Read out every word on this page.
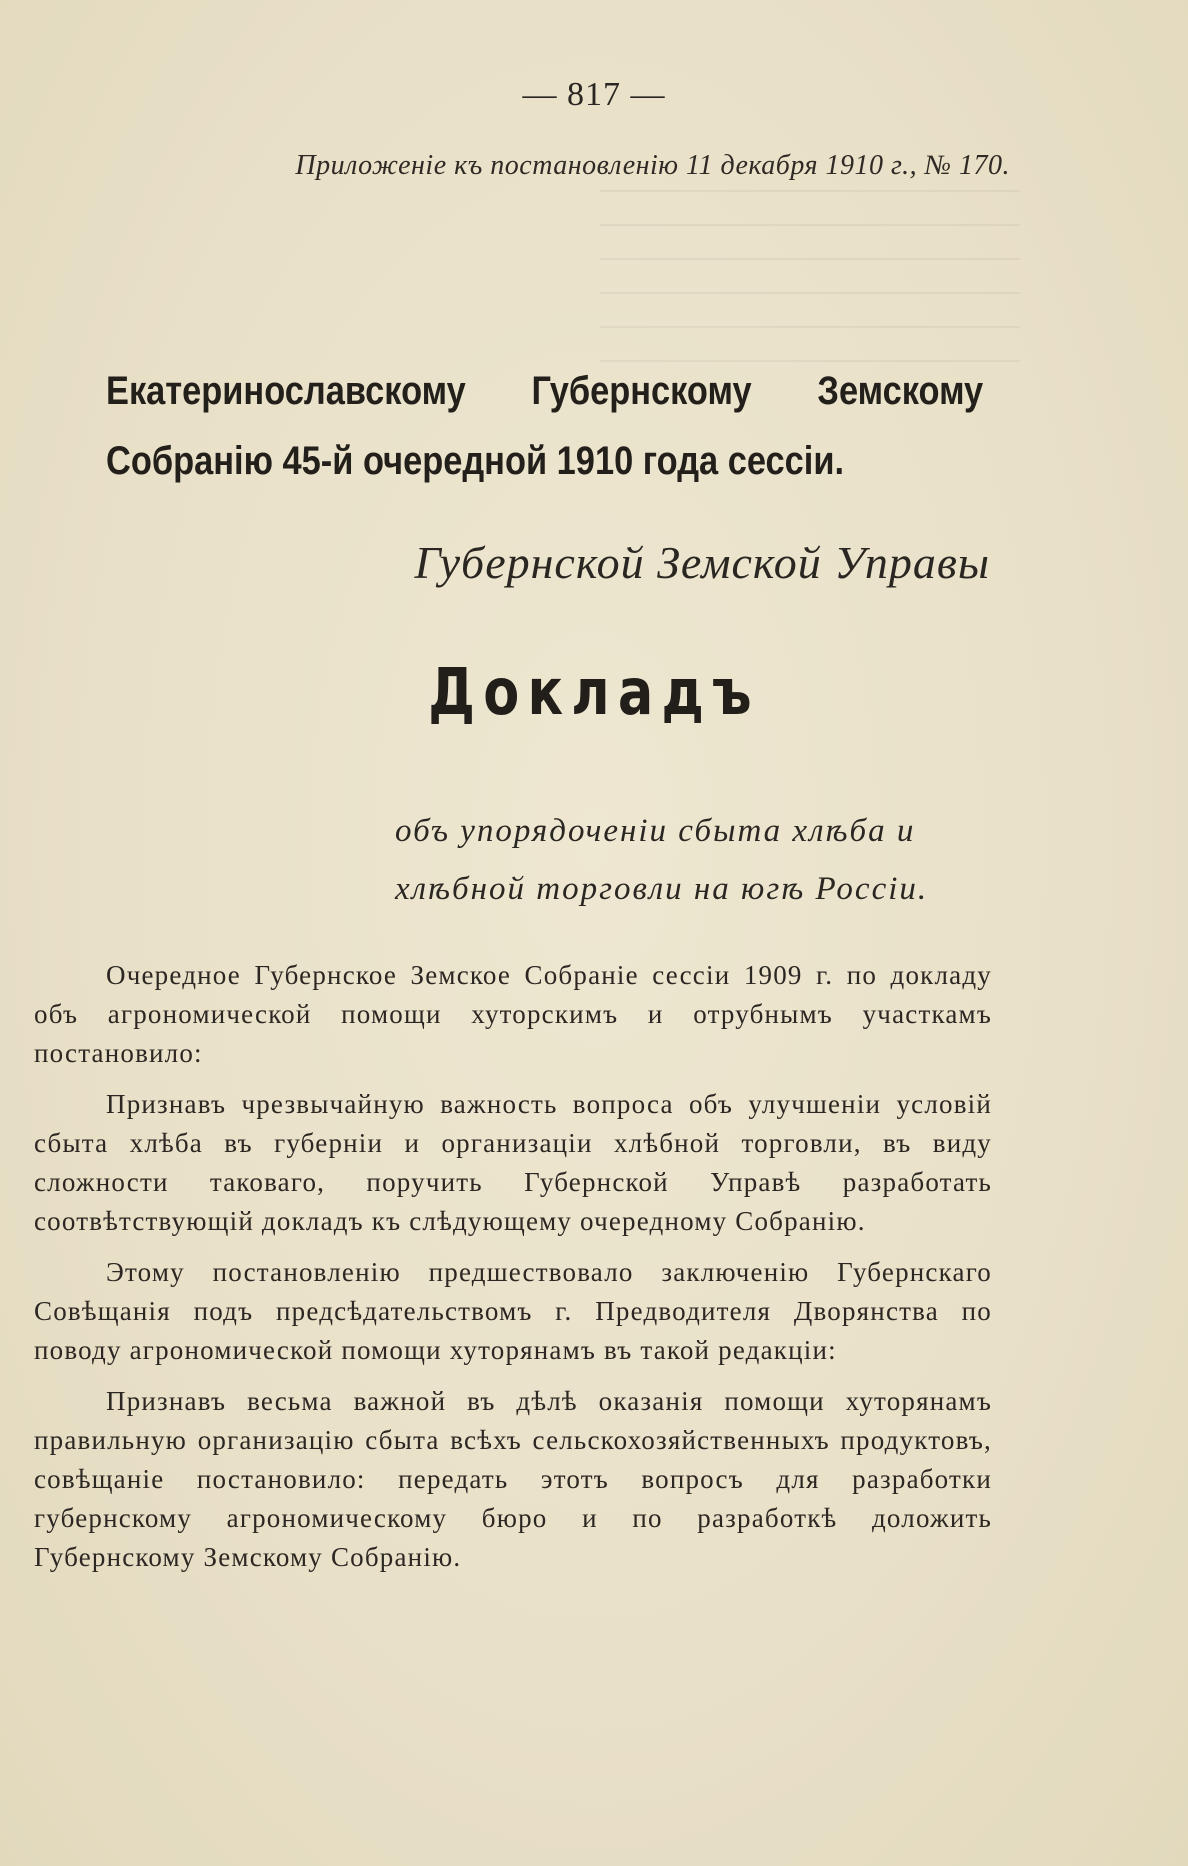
— 817 —
Приложенiе къ постановленiю 11 декабря 1910 г., № 170.
Екатеринославскому Губернскому Земскому Собранiю 45-й очередной 1910 года сессiи.
Губернской Земской Управы
Докладъ
объ упорядоченiи сбыта хлѣба и
хлѣбной торговли на югѣ Россiи.

Очередное Губернское Земское Собранiе сессiи 1909 г. по докладу объ агрономической помощи хуторскимъ и отрубнымъ участкамъ постановило:

Признавъ чрезвычайную важность вопроса объ улучшенiи условiй сбыта хлѣба въ губернiи и организацiи хлѣбной торговли, въ виду сложности таковаго, поручить Губернской Управѣ разработать соотвѣтствующiй докладъ къ слѣдующему очередному Собранiю.

Этому постановленiю предшествовало заключенiю Губернскаго Совѣщанiя подъ предсѣдательствомъ г. Предводителя Дворянства по поводу агрономической помощи хуторянамъ въ такой редакцiи:

Признавъ весьма важной въ дѣлѣ оказанiя помощи хуторянамъ правильную организацiю сбыта всѣхъ сельскохозяйственныхъ продуктовъ, совѣщанiе постановило: передать этотъ вопросъ для разработки губернскому агрономическому бюро и по разработкѣ доложить Губернскому Земскому Собранiю.
